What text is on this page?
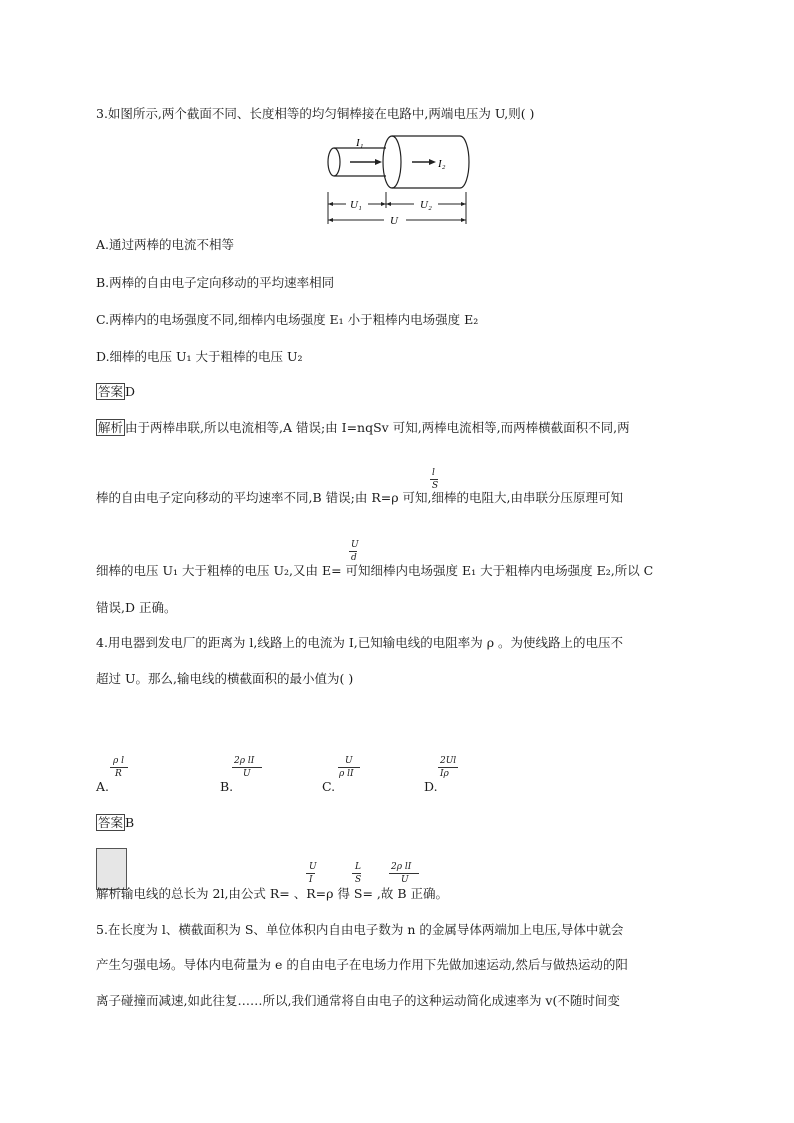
3.如图所示,两个截面不同、长度相等的均匀铜棒接在电路中,两端电压为 U,则( )
I₁
I₂
U₁	U₂
U
A.通过两棒的电流不相等
B.两棒的自由电子定向移动的平均速率相同
C.两棒内的电场强度不同,细棒内电场强度 E₁ 小于粗棒内电场强度 E₂
D.细棒的电压 U₁ 大于粗棒的电压 U₂
答案 D
解析 由于两棒串联,所以电流相等,A 错误;由 I=nqSv 可知,两棒电流相等,而两棒横截面积不同,两
l
S
棒的自由电子定向移动的平均速率不同,B 错误;由 R=ρ 可知,细棒的电阻大,由串联分压原理可知
U
d
细棒的电压 U₁ 大于粗棒的电压 U₂,又由 E= 可知细棒内电场强度 E₁ 大于粗棒内电场强度 E₂,所以 C
错误,D 正确。
4.用电器到发电厂的距离为 l,线路上的电流为 I,已知输电线的电阻率为 ρ 。为使线路上的电压不
超过 U。那么,输电线的横截面积的最小值为( )
ρ l
R
A.
2ρ lI
U
B.
U
ρ lI
C.
2Ul
Iρ
D.
答案 B
U
I
L
S
2ρ lI
U
解析输电线的总长为 2l,由公式 R= 、R=ρ 得 S= ,故 B 正确。
5.在长度为 l、横截面积为 S、单位体积内自由电子数为 n 的金属导体两端加上电压,导体中就会
产生匀强电场。导体内电荷量为 e 的自由电子在电场力作用下先做加速运动,然后与做热运动的阳
离子碰撞而减速,如此往复……所以,我们通常将自由电子的这种运动简化成速率为 v(不随时间变
